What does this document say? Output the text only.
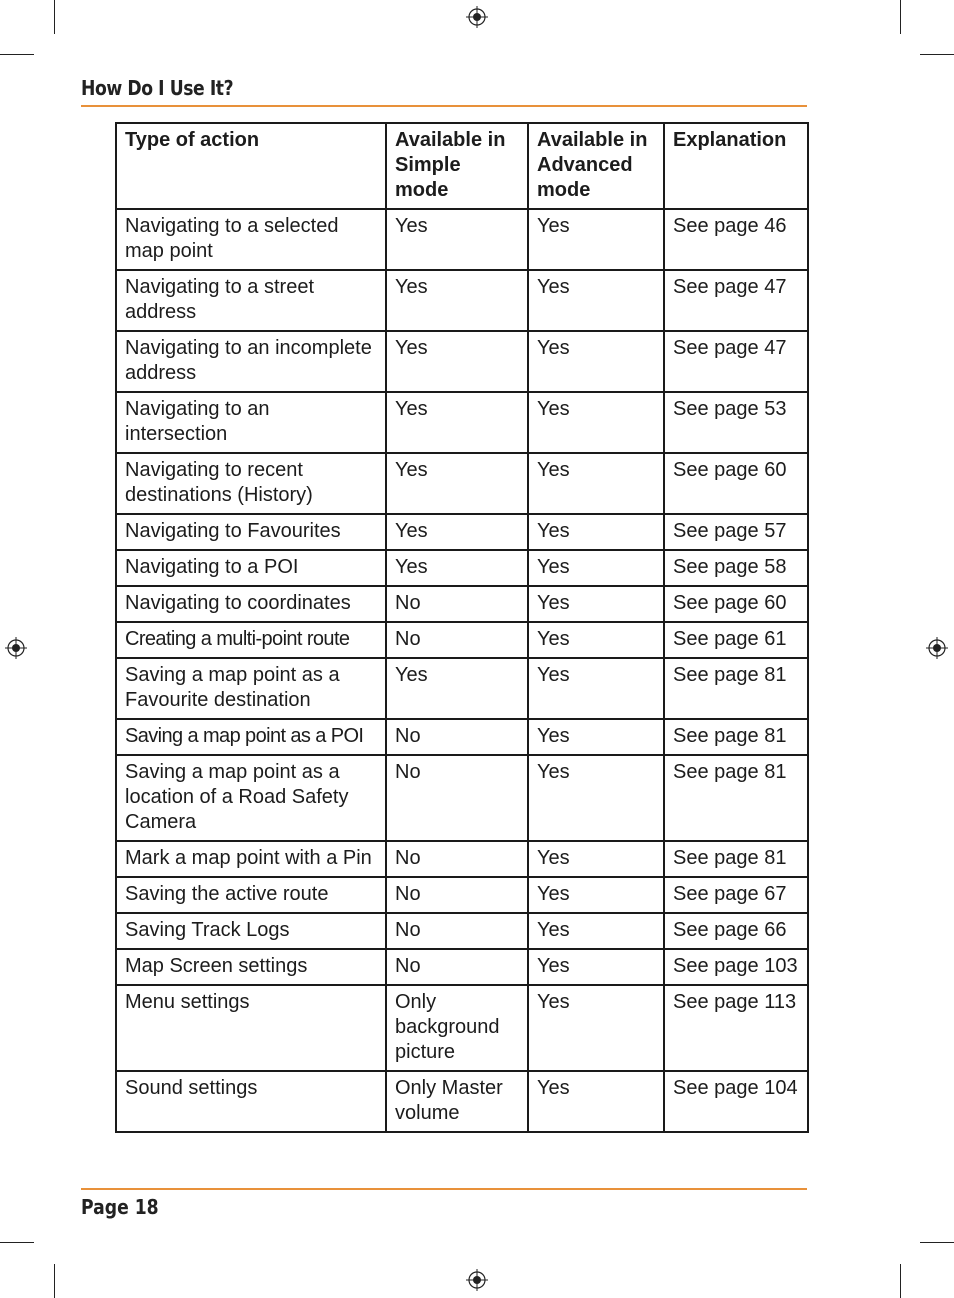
How Do I Use It?
Type of action	Available in Simple mode	Available in Advanced mode	Explanation
Navigating to a selected map point	Yes	Yes	See page 46
Navigating to a street address	Yes	Yes	See page 47
Navigating to an incomplete address	Yes	Yes	See page 47
Navigating to an intersection	Yes	Yes	See page 53
Navigating to recent destinations (History)	Yes	Yes	See page 60
Navigating to Favourites	Yes	Yes	See page 57
Navigating to a POI	Yes	Yes	See page 58
Navigating to coordinates	No	Yes	See page 60
Creating a multi-point route	No	Yes	See page 61
Saving a map point as a Favourite destination	Yes	Yes	See page 81
Saving a map point as a POI	No	Yes	See page 81
Saving a map point as a location of a Road Safety Camera	No	Yes	See page 81
Mark a map point with a Pin	No	Yes	See page 81
Saving the active route	No	Yes	See page 67
Saving Track Logs	No	Yes	See page 66
Map Screen settings	No	Yes	See page 103
Menu settings	Only background picture	Yes	See page 113
Sound settings	Only Master volume	Yes	See page 104
Page 18
